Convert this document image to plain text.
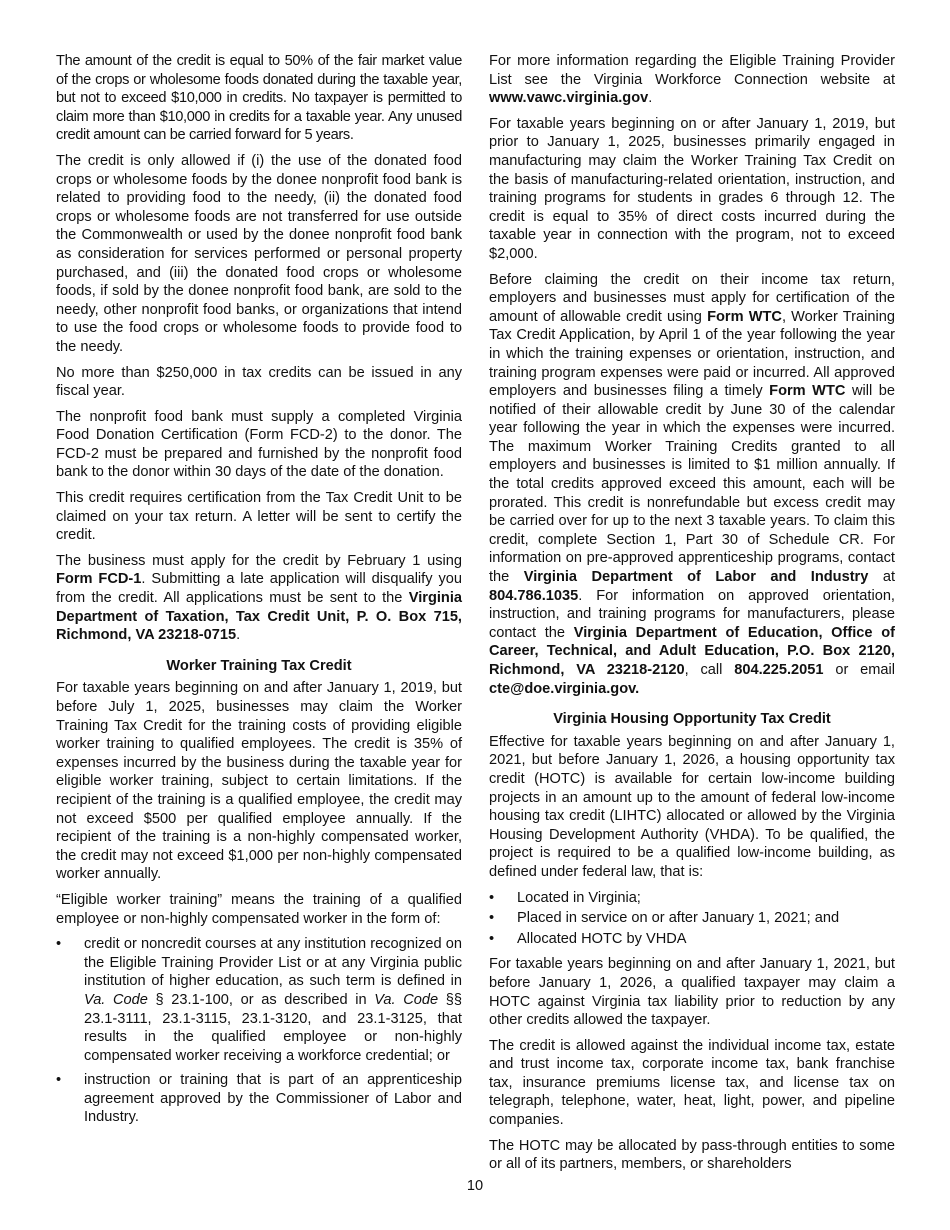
The amount of the credit is equal to 50% of the fair market value of the crops or wholesome foods donated during the taxable year, but not to exceed $10,000 in credits. No taxpayer is permitted to claim more than $10,000 in credits for a taxable year. Any unused credit amount can be carried forward for 5 years.

The credit is only allowed if (i) the use of the donated food crops or wholesome foods by the donee nonprofit food bank is related to providing food to the needy, (ii) the donated food crops or wholesome foods are not transferred for use outside the Commonwealth or used by the donee nonprofit food bank as consideration for services performed or personal property purchased, and (iii) the donated food crops or wholesome foods, if sold by the donee nonprofit food bank, are sold to the needy, other nonprofit food banks, or organizations that intend to use the food crops or wholesome foods to provide food to the needy.

No more than $250,000 in tax credits can be issued in any fiscal year.

The nonprofit food bank must supply a completed Virginia Food Donation Certification (Form FCD-2) to the donor. The FCD-2 must be prepared and furnished by the nonprofit food bank to the donor within 30 days of the date of the donation.

This credit requires certification from the Tax Credit Unit to be claimed on your tax return. A letter will be sent to certify the credit.

The business must apply for the credit by February 1 using Form FCD-1. Submitting a late application will disqualify you from the credit. All applications must be sent to the Virginia Department of Taxation, Tax Credit Unit, P. O. Box 715, Richmond, VA 23218-0715.

Worker Training Tax Credit

For taxable years beginning on and after January 1, 2019, but before July 1, 2025, businesses may claim the Worker Training Tax Credit for the training costs of providing eligible worker training to qualified employees. The credit is 35% of expenses incurred by the business during the taxable year for eligible worker training, subject to certain limitations. If the recipient of the training is a qualified employee, the credit may not exceed $500 per qualified employee annually. If the recipient of the training is a non-highly compensated worker, the credit may not exceed $1,000 per non-highly compensated worker annually.

“Eligible worker training” means the training of a qualified employee or non-highly compensated worker in the form of:

• credit or noncredit courses at any institution recognized on the Eligible Training Provider List or at any Virginia public institution of higher education, as such term is defined in Va. Code § 23.1-100, or as described in Va. Code §§ 23.1-3111, 23.1-3115, 23.1-3120, and 23.1-3125, that results in the qualified employee or non-highly compensated worker receiving a workforce credential; or
• instruction or training that is part of an apprenticeship agreement approved by the Commissioner of Labor and Industry.

For more information regarding the Eligible Training Provider List see the Virginia Workforce Connection website at www.vawc.virginia.gov.

For taxable years beginning on or after January 1, 2019, but prior to January 1, 2025, businesses primarily engaged in manufacturing may claim the Worker Training Tax Credit on the basis of manufacturing-related orientation, instruction, and training programs for students in grades 6 through 12. The credit is equal to 35% of direct costs incurred during the taxable year in connection with the program, not to exceed $2,000.

Before claiming the credit on their income tax return, employers and businesses must apply for certification of the amount of allowable credit using Form WTC, Worker Training Tax Credit Application, by April 1 of the year following the year in which the training expenses or orientation, instruction, and training program expenses were paid or incurred. All approved employers and businesses filing a timely Form WTC will be notified of their allowable credit by June 30 of the calendar year following the year in which the expenses were incurred. The maximum Worker Training Credits granted to all employers and businesses is limited to $1 million annually. If the total credits approved exceed this amount, each will be prorated. This credit is nonrefundable but excess credit may be carried over for up to the next 3 taxable years. To claim this credit, complete Section 1, Part 30 of Schedule CR. For information on pre-approved apprenticeship programs, contact the Virginia Department of Labor and Industry at 804.786.1035. For information on approved orientation, instruction, and training programs for manufacturers, please contact the Virginia Department of Education, Office of Career, Technical, and Adult Education, P.O. Box 2120, Richmond, VA 23218-2120, call 804.225.2051 or email cte@doe.virginia.gov.

Virginia Housing Opportunity Tax Credit

Effective for taxable years beginning on and after January 1, 2021, but before January 1, 2026, a housing opportunity tax credit (HOTC) is available for certain low-income building projects in an amount up to the amount of federal low-income housing tax credit (LIHTC) allocated or allowed by the Virginia Housing Development Authority (VHDA). To be qualified, the project is required to be a qualified low-income building, as defined under federal law, that is:

• Located in Virginia;
• Placed in service on or after January 1, 2021; and
• Allocated HOTC by VHDA

For taxable years beginning on and after January 1, 2021, but before January 1, 2026, a qualified taxpayer may claim a HOTC against Virginia tax liability prior to reduction by any other credits allowed the taxpayer.

The credit is allowed against the individual income tax, estate and trust income tax, corporate income tax, bank franchise tax, insurance premiums license tax, and license tax on telegraph, telephone, water, heat, light, power, and pipeline companies.

The HOTC may be allocated by pass-through entities to some or all of its partners, members, or shareholders

10
